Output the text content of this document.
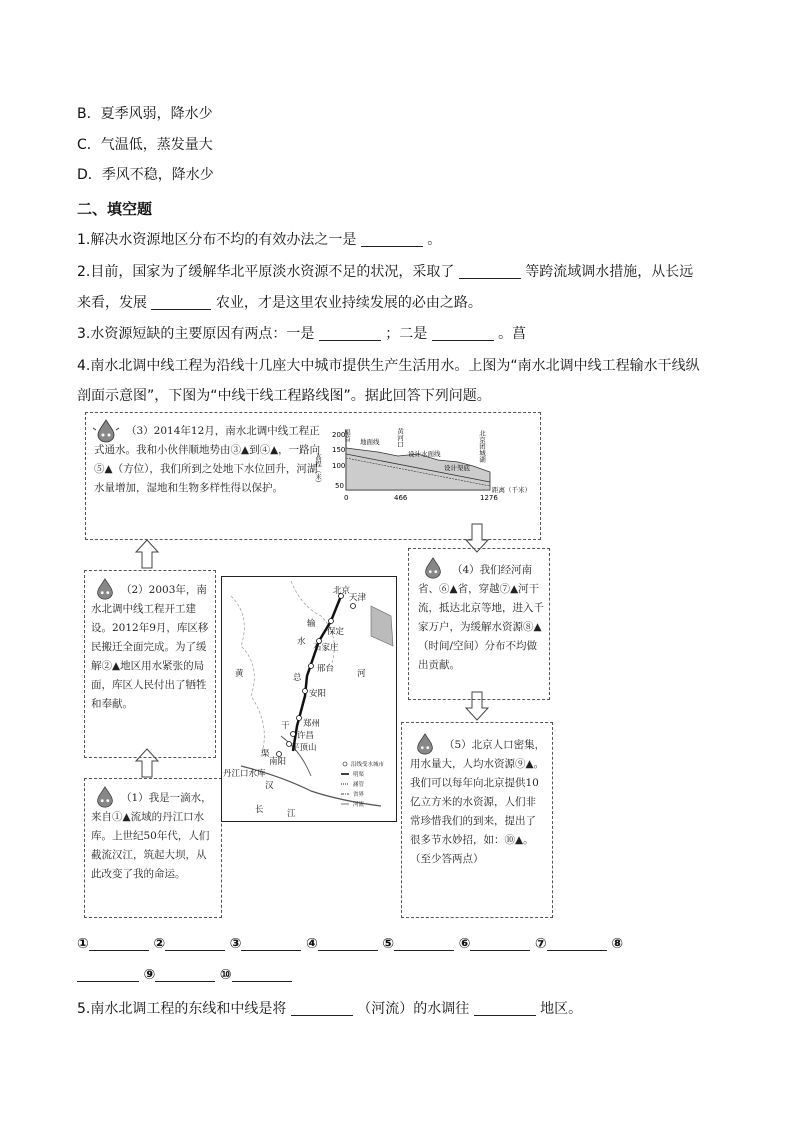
B．夏季风弱，降水少
C．气温低，蒸发量大
D．季风不稳，降水少
二、填空题
1.解决水资源地区分布不均的有效办法之一是	。
2.目前，国家为了缓解华北平原淡水资源不足的状况，采取了	等跨流域调水措施，从长远
来看，发展	农业，才是这里农业持续发展的必由之路。
3.水资源短缺的主要原因有两点：一是	；二是	。菖
4.南水北调中线工程为沿线十几座大中城市提供生产生活用水。上图为“南水北调中线工程输水干线纵
剖面示意图”，下图为“中线干线工程路线图”。据此回答下列问题。
（3）2014年12月，南水北调中线工程正式通水。我和小伙伴顺地势由③▲到④▲，一路向⑤▲（方位），我们所到之处地下水位回升，河湖水量增加，湿地和生物多样性得以保护。
200
150
100
50
高程（米）
渠首 地面线	黄河口
设计水面线
设计渠底
北京团城湖
0	466	1276
距离（千米）
（2）2003年，南水北调中线工程开工建设。2012年9月，库区移民搬迁全面完成。为了缓解②▲地区用水紧张的局面，库区人民付出了牺牲和奉献。
（1）我是一滴水，来自①▲流域的丹江口水库。上世纪50年代，人们截流汉江，筑起大坝，从此改变了我的命运。
北京
天津
保定
石家庄
邢台
安阳
郑州
许昌
平顶山
南阳
丹江口水库
输
水
总
干
渠
黄	河
汉
长	江
沿线受水城市
明渠
涵管
省界
河流
（4）我们经河南省、⑥▲省，穿越⑦▲河干流，抵达北京等地，进入千家万户，为缓解水资源⑧▲（时间/空间）分布不均做出贡献。
（5）北京人口密集，用水量大，人均水资源⑨▲。我们可以每年向北京提供10亿立方米的水资源，人们非常珍惜我们的到来，提出了很多节水妙招，如：⑩▲。（至少答两点）
①	②	③	④	⑤	⑥	⑦	⑧
⑨	⑩
5.南水北调工程的东线和中线是将	（河流）的水调往	地区。
